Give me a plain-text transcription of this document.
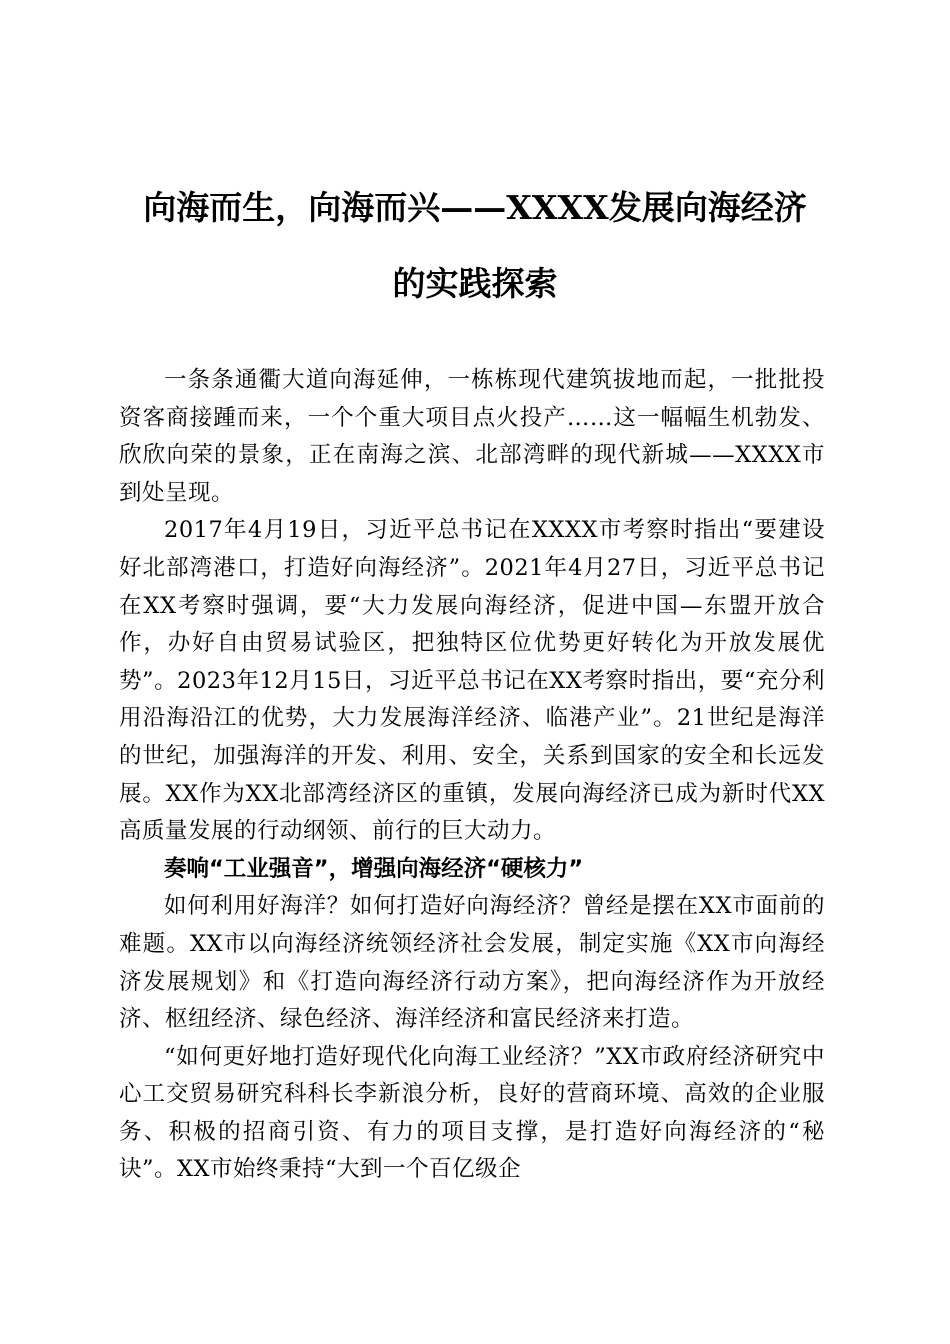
向海而生，向海而兴——XXXX发展向海经济
的实践探索

一条条通衢大道向海延伸，一栋栋现代建筑拔地而起，一批批投资客商接踵而来，一个个重大项目点火投产……这一幅幅生机勃发、欣欣向荣的景象，正在南海之滨、北部湾畔的现代新城——XXXX市到处呈现。

2017年4月19日，习近平总书记在XXXX市考察时指出“要建设好北部湾港口，打造好向海经济”。2021年4月27日，习近平总书记在XX考察时强调，要“大力发展向海经济，促进中国—东盟开放合作，办好自由贸易试验区，把独特区位优势更好转化为开放发展优势”。2023年12月15日，习近平总书记在XX考察时指出，要“充分利用沿海沿江的优势，大力发展海洋经济、临港产业”。21世纪是海洋的世纪，加强海洋的开发、利用、安全，关系到国家的安全和长远发展。XX作为XX北部湾经济区的重镇，发展向海经济已成为新时代XX高质量发展的行动纲领、前行的巨大动力。

奏响“工业强音”，增强向海经济“硬核力”

如何利用好海洋？如何打造好向海经济？曾经是摆在XX市面前的难题。XX市以向海经济统领经济社会发展，制定实施《XX市向海经济发展规划》和《打造向海经济行动方案》，把向海经济作为开放经济、枢纽经济、绿色经济、海洋经济和富民经济来打造。

“如何更好地打造好现代化向海工业经济？”XX市政府经济研究中心工交贸易研究科科长李新浪分析，良好的营商环境、高效的企业服务、积极的招商引资、有力的项目支撑，是打造好向海经济的“秘诀”。XX市始终秉持“大到一个百亿级企
